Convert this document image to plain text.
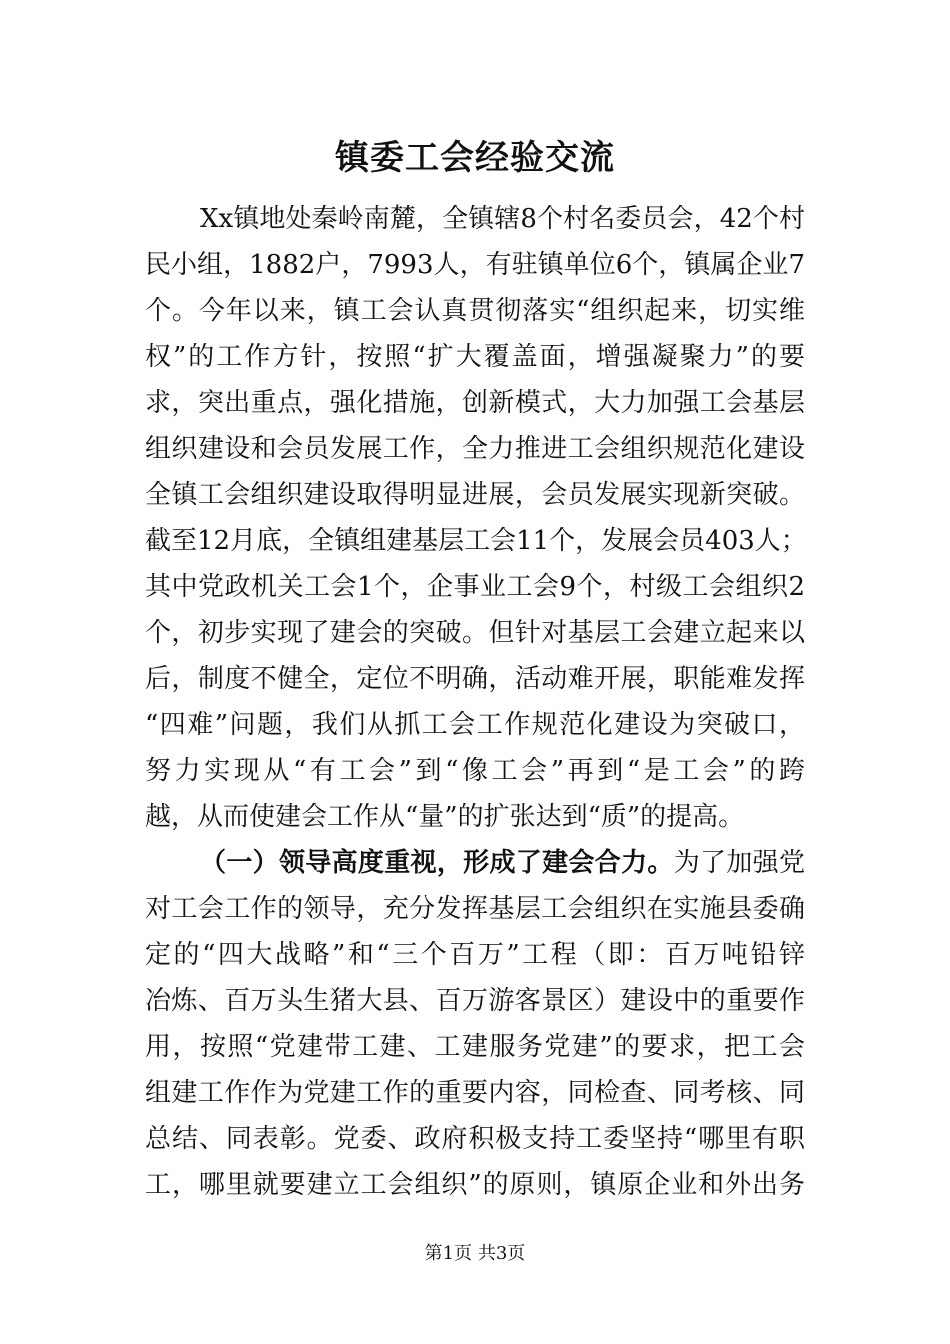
镇委工会经验交流
Xx镇地处秦岭南麓，全镇辖8个村名委员会，42个村
民小组，1882户，7993人，有驻镇单位6个，镇属企业7
个。今年以来，镇工会认真贯彻落实“组织起来，切实维
权”的工作方针，按照“扩大覆盖面，增强凝聚力”的要
求，突出重点，强化措施，创新模式，大力加强工会基层
组织建设和会员发展工作，全力推进工会组织规范化建设
全镇工会组织建设取得明显进展，会员发展实现新突破。
截至12月底，全镇组建基层工会11个，发展会员403人；
其中党政机关工会1个，企事业工会9个，村级工会组织2
个，初步实现了建会的突破。但针对基层工会建立起来以
后，制度不健全，定位不明确，活动难开展，职能难发挥
“四难”问题，我们从抓工会工作规范化建设为突破口，
努力实现从“有工会”到“像工会”再到“是工会”的跨
越，从而使建会工作从“量”的扩张达到“质”的提高。
（一）领导高度重视，形成了建会合力。为了加强党
对工会工作的领导，充分发挥基层工会组织在实施县委确
定的“四大战略”和“三个百万”工程（即：百万吨铅锌
冶炼、百万头生猪大县、百万游客景区）建设中的重要作
用，按照“党建带工建、工建服务党建”的要求，把工会
组建工作作为党建工作的重要内容，同检查、同考核、同
总结、同表彰。党委、政府积极支持工委坚持“哪里有职
工，哪里就要建立工会组织”的原则，镇原企业和外出务
第1页 共3页
